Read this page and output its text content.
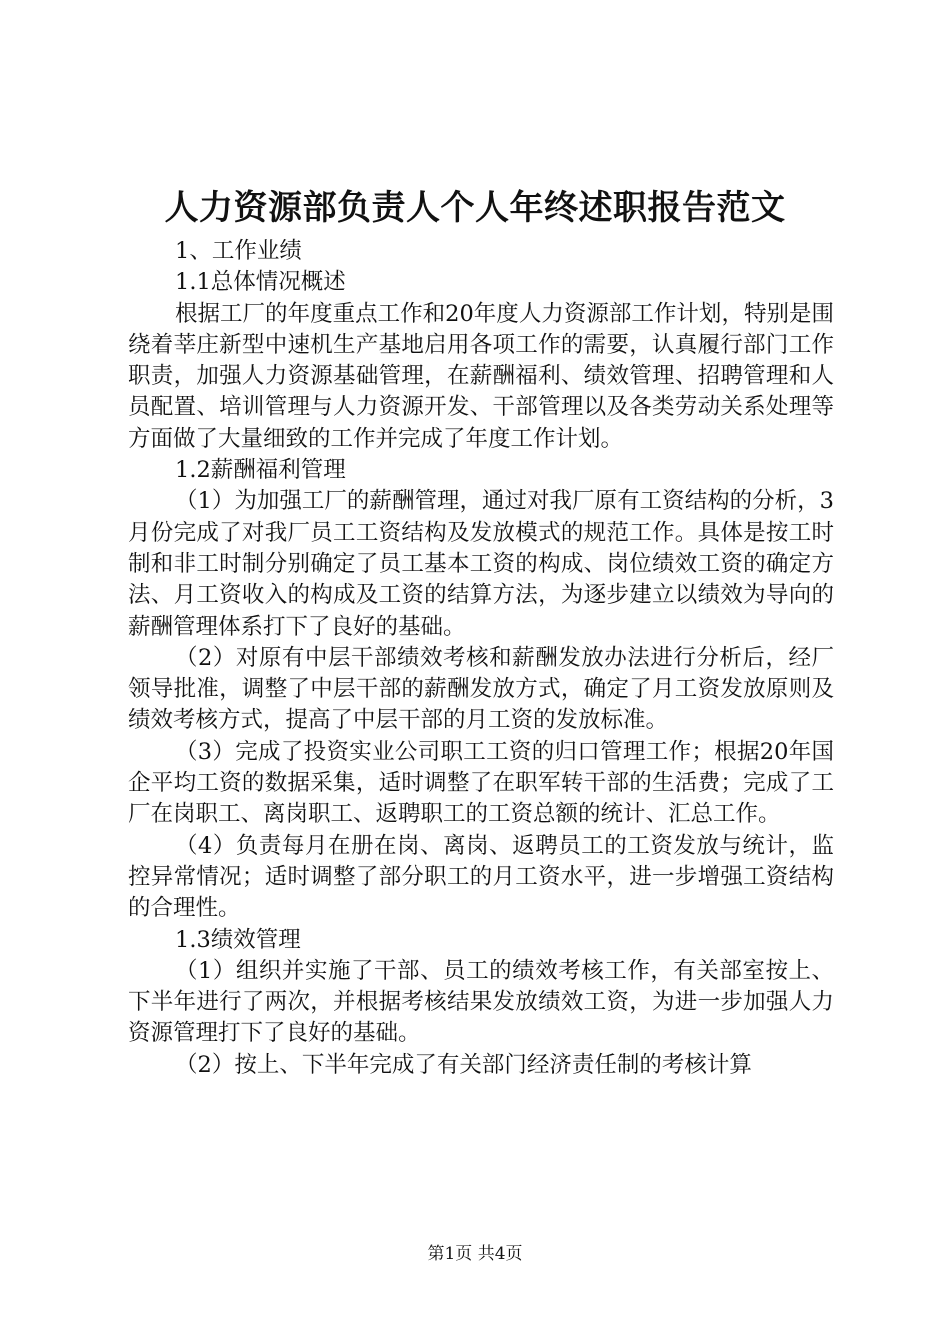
人力资源部负责人个人年终述职报告范文

1、工作业绩

1.1总体情况概述

根据工厂的年度重点工作和20年度人力资源部工作计划，特别是围绕着莘庄新型中速机生产基地启用各项工作的需要，认真履行部门工作职责，加强人力资源基础管理，在薪酬福利、绩效管理、招聘管理和人员配置、培训管理与人力资源开发、干部管理以及各类劳动关系处理等方面做了大量细致的工作并完成了年度工作计划。

1.2薪酬福利管理

（1）为加强工厂的薪酬管理，通过对我厂原有工资结构的分析，3月份完成了对我厂员工工资结构及发放模式的规范工作。具体是按工时制和非工时制分别确定了员工基本工资的构成、岗位绩效工资的确定方法、月工资收入的构成及工资的结算方法，为逐步建立以绩效为导向的薪酬管理体系打下了良好的基础。

（2）对原有中层干部绩效考核和薪酬发放办法进行分析后，经厂领导批准，调整了中层干部的薪酬发放方式，确定了月工资发放原则及绩效考核方式，提高了中层干部的月工资的发放标准。

（3）完成了投资实业公司职工工资的归口管理工作；根据20年国企平均工资的数据采集，适时调整了在职军转干部的生活费；完成了工厂在岗职工、离岗职工、返聘职工的工资总额的统计、汇总工作。

（4）负责每月在册在岗、离岗、返聘员工的工资发放与统计，监控异常情况；适时调整了部分职工的月工资水平，进一步增强工资结构的合理性。

1.3绩效管理

（1）组织并实施了干部、员工的绩效考核工作，有关部室按上、下半年进行了两次，并根据考核结果发放绩效工资，为进一步加强人力资源管理打下了良好的基础。

（2）按上、下半年完成了有关部门经济责任制的考核计算

第1页 共4页
